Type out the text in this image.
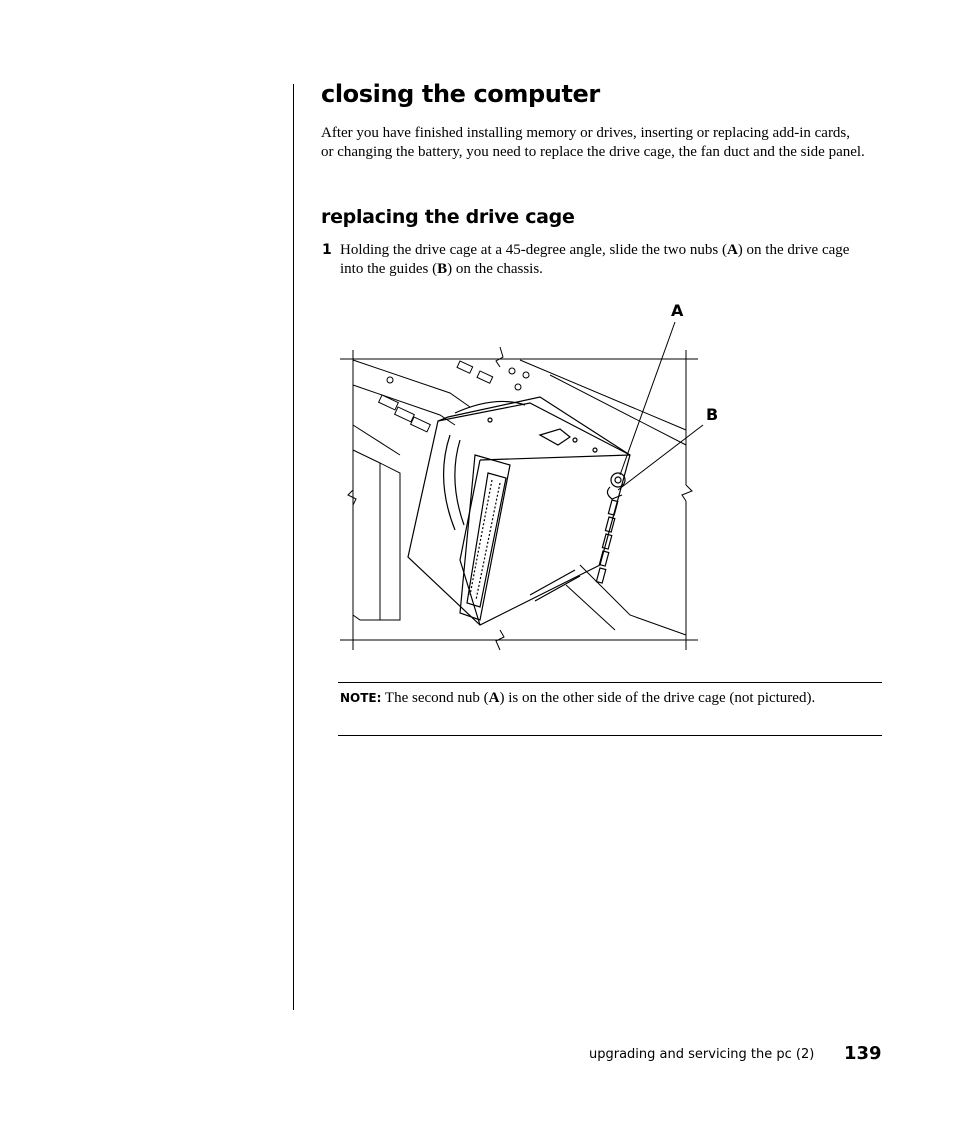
closing the computer

After you have finished installing memory or drives, inserting or replacing add-in cards, or changing the battery, you need to replace the drive cage, the fan duct and the side panel.

replacing the drive cage
1 Holding the drive cage at a 45-degree angle, slide the two nubs (A) on the drive cage into the guides (B) on the chassis.

A
B

NOTE: The second nub (A) is on the other side of the drive cage (not pictured).

upgrading and servicing the pc (2) 139
